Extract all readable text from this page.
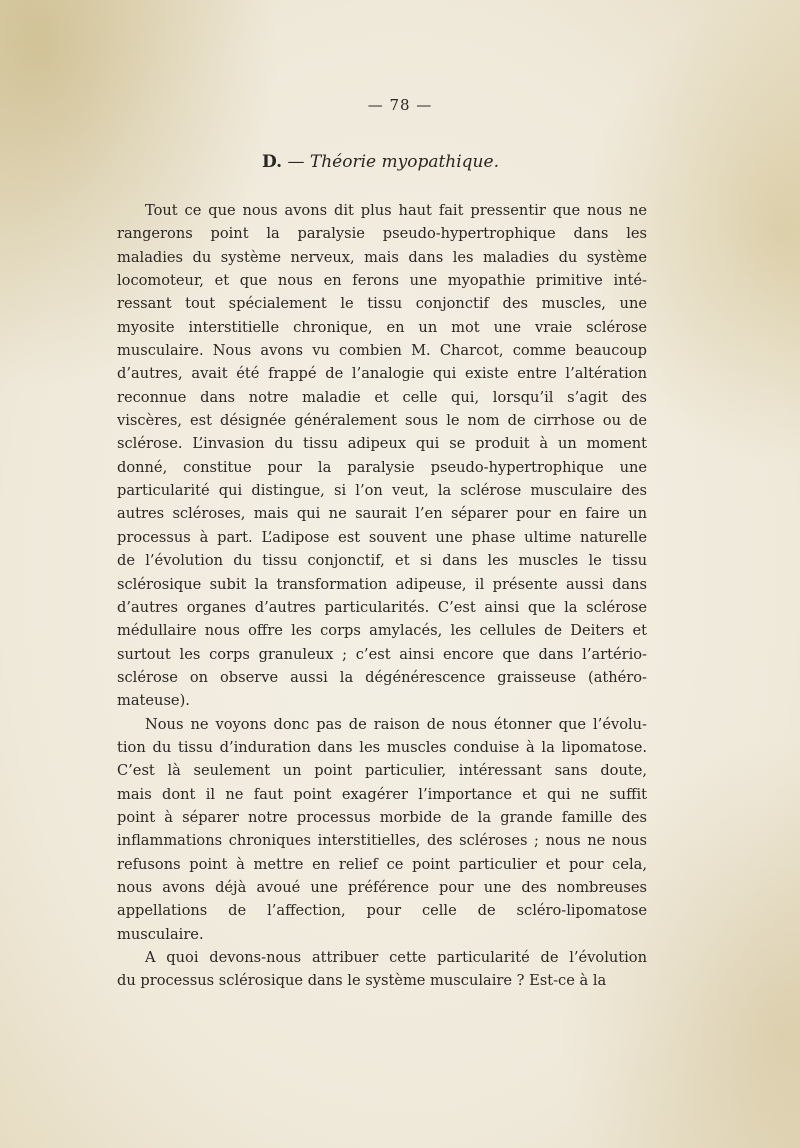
— 78 —
D. — Théorie myopathique.
Tout ce que nous avons dit plus haut fait pressentir que nous ne
rangerons point la paralysie pseudo-hypertrophique dans les
maladies du système nerveux, mais dans les maladies du système
locomoteur, et que nous en ferons une myopathie primitive inté-
ressant tout spécialement le tissu conjonctif des muscles, une
myosite interstitielle chronique, en un mot une vraie sclérose
musculaire. Nous avons vu combien M. Charcot, comme beaucoup
d’autres, avait été frappé de l’analogie qui existe entre l’altération
reconnue dans notre maladie et celle qui, lorsqu’il s’agit des
viscères, est désignée généralement sous le nom de cirrhose ou de
sclérose. L’invasion du tissu adipeux qui se produit à un moment
donné, constitue pour la paralysie pseudo-hypertrophique une
particularité qui distingue, si l’on veut, la sclérose musculaire des
autres scléroses, mais qui ne saurait l’en séparer pour en faire un
processus à part. L’adipose est souvent une phase ultime naturelle
de l’évolution du tissu conjonctif, et si dans les muscles le tissu
sclérosique subit la transformation adipeuse, il présente aussi dans
d’autres organes d’autres particularités. C’est ainsi que la sclérose
médullaire nous offre les corps amylacés, les cellules de Deiters et
surtout les corps granuleux ; c’est ainsi encore que dans l’artério-
sclérose on observe aussi la dégénérescence graisseuse (athéro-
mateuse).
Nous ne voyons donc pas de raison de nous étonner que l’évolu-
tion du tissu d’induration dans les muscles conduise à la lipomatose.
C’est là seulement un point particulier, intéressant sans doute,
mais dont il ne faut point exagérer l’importance et qui ne suffit
point à séparer notre processus morbide de la grande famille des
inflammations chroniques interstitielles, des scléroses ; nous ne nous
refusons point à mettre en relief ce point particulier et pour cela,
nous avons déjà avoué une préférence pour une des nombreuses
appellations de l’affection, pour celle de scléro-lipomatose
musculaire.
A quoi devons-nous attribuer cette particularité de l’évolution
du processus sclérosique dans le système musculaire ? Est-ce à la
